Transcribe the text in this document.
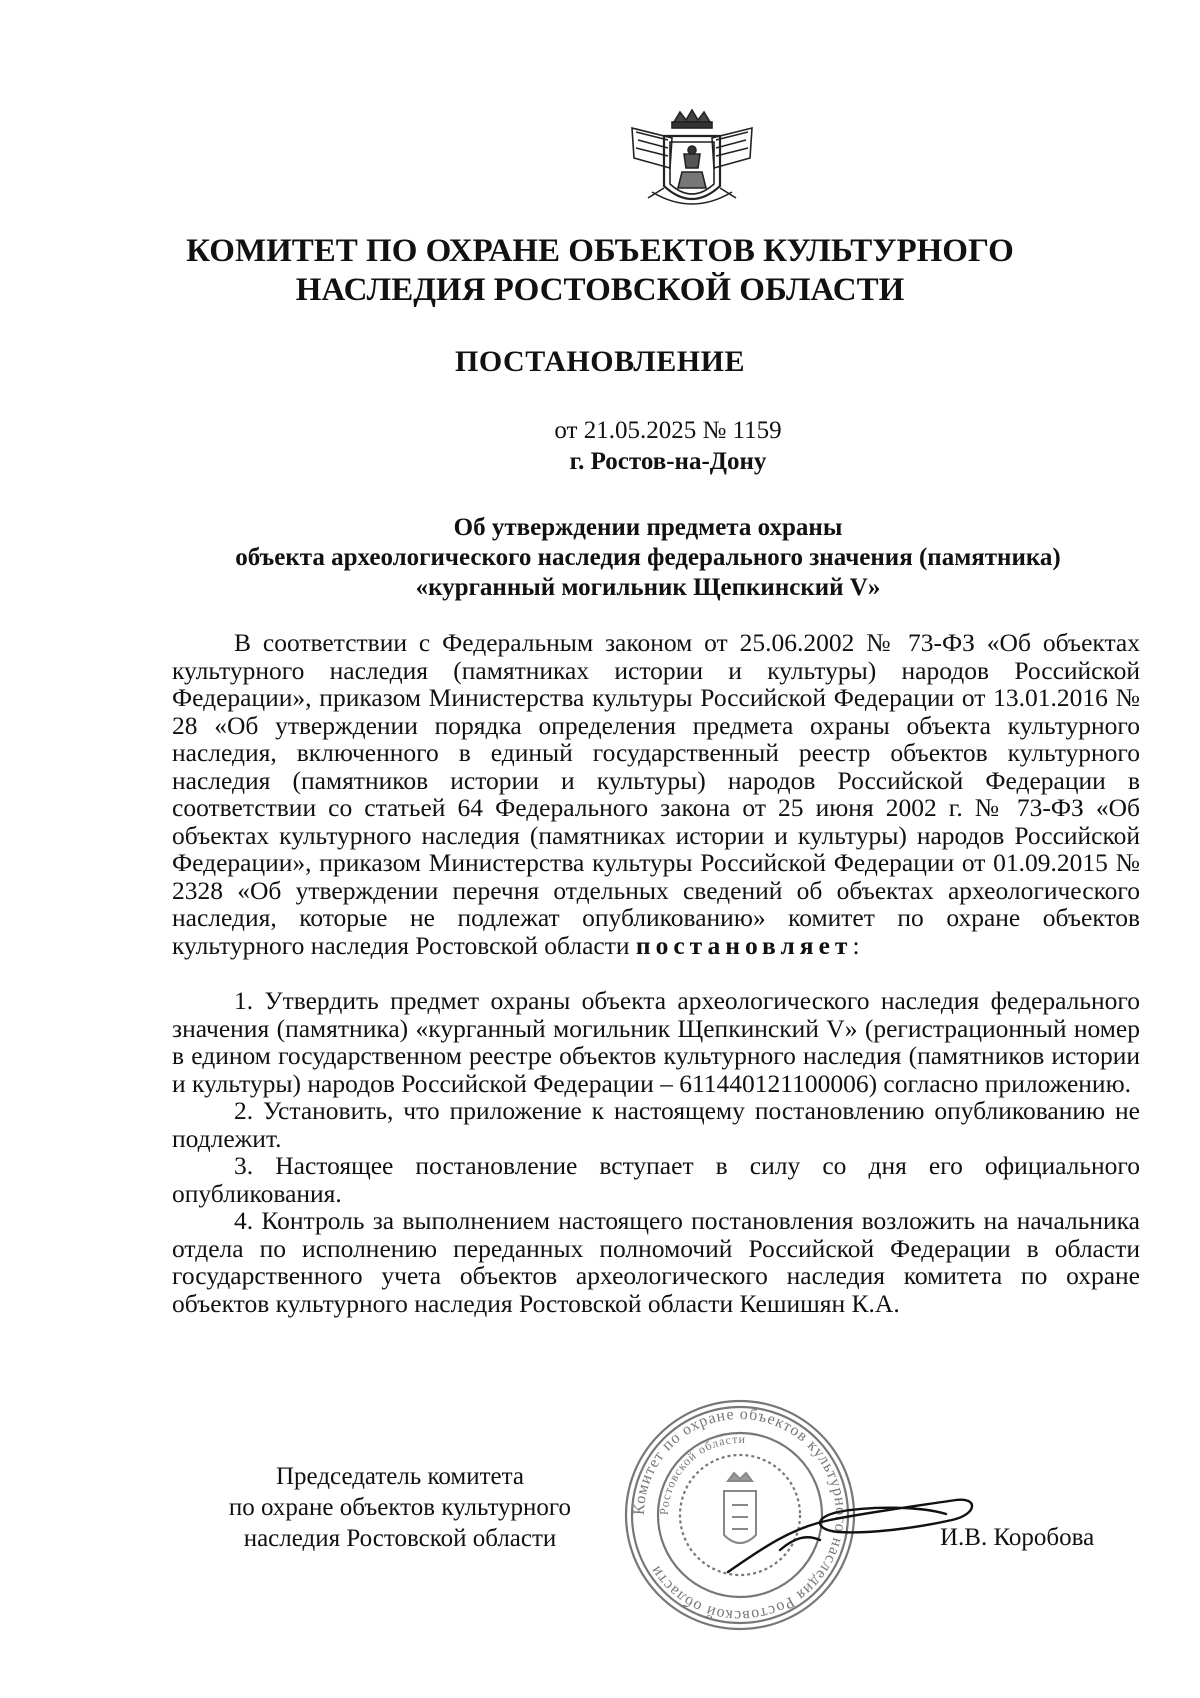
КОМИТЕТ ПО ОХРАНЕ ОБЪЕКТОВ КУЛЬТУРНОГО
НАСЛЕДИЯ РОСТОВСКОЙ ОБЛАСТИ
ПОСТАНОВЛЕНИЕ
от 21.05.2025 № 1159
г. Ростов-на-Дону
Об утверждении предмета охраны
объекта археологического наследия федерального значения (памятника)
«курганный могильник Щепкинский V»

В соответствии с Федеральным законом от 25.06.2002 № 73-ФЗ «Об объектах культурного наследия (памятниках истории и культуры) народов Российской Федерации», приказом Министерства культуры Российской Федерации от 13.01.2016 № 28 «Об утверждении порядка определения предмета охраны объекта культурного наследия, включенного в единый государственный реестр объектов культурного наследия (памятников истории и культуры) народов Российской Федерации в соответствии со статьей 64 Федерального закона от 25 июня 2002 г. № 73-ФЗ «Об объектах культурного наследия (памятниках истории и культуры) народов Российской Федерации», приказом Министерства культуры Российской Федерации от 01.09.2015 № 2328 «Об утверждении перечня отдельных сведений об объектах археологического наследия, которые не подлежат опубликованию» комитет по охране объектов культурного наследия Ростовской области постановляет:

1. Утвердить предмет охраны объекта археологического наследия федерального значения (памятника) «курганный могильник Щепкинский V» (регистрационный номер в едином государственном реестре объектов культурного наследия (памятников истории и культуры) народов Российской Федерации – 611440121100006) согласно приложению.

2. Установить, что приложение к настоящему постановлению опубликованию не подлежит.

3. Настоящее постановление вступает в силу со дня его официального опубликования.

4. Контроль за выполнением настоящего постановления возложить на начальника отдела по исполнению переданных полномочий Российской Федерации в области государственного учета объектов археологического наследия комитета по охране объектов культурного наследия Ростовской области Кешишян К.А.

Председатель комитета
по охране объектов культурного
наследия Ростовской области
Комитет по охране объектов культурного наследия Ростовской области
Ростовской области
И.В. Коробова
